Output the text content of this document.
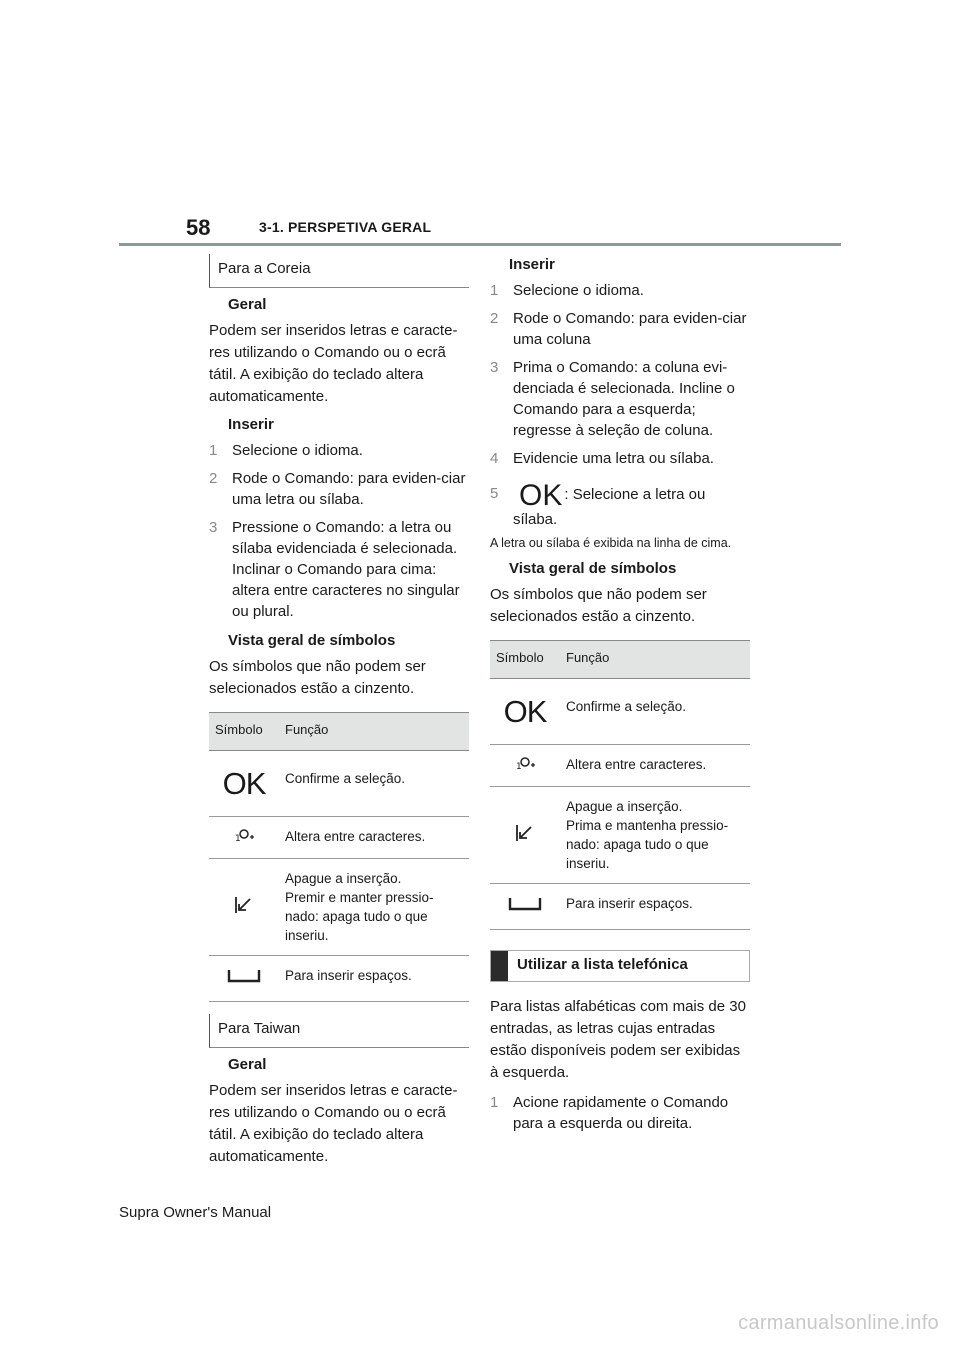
58	3-1. PERSPETIVA GERAL
Para a Coreia
Geral

Podem ser inseridos letras e caracte-res utilizando o Comando ou o ecrã tátil. A exibição do teclado altera automaticamente.

Inserir
1 Selecione o idioma.
2 Rode o Comando: para eviden-ciar uma letra ou sílaba.
3 Pressione o Comando: a letra ou sílaba evidenciada é selecionada. Inclinar o Comando para cima: altera entre caracteres no singular ou plural.
Vista geral de símbolos

Os símbolos que não podem ser selecionados estão a cinzento.

Símbolo	Função
OK	Confirme a seleção.

1	Altera entre caracteres.

Apague a inserção.
Premir e manter pressio-nado: apaga tudo o que inseriu.

	Para inserir espaços.
Para Taiwan
Geral

Podem ser inseridos letras e caracte-res utilizando o Comando ou o ecrã tátil. A exibição do teclado altera automaticamente.

Inserir
1 Selecione o idioma.
2 Rode o Comando: para eviden-ciar uma coluna
3 Prima o Comando: a coluna evi-denciada é selecionada. Incline o Comando para a esquerda; regresse à seleção de coluna.
4 Evidencie uma letra ou sílaba.
5 OK : Selecione a letra ou sílaba.
A letra ou sílaba é exibida na linha de cima.
Vista geral de símbolos

Os símbolos que não podem ser selecionados estão a cinzento.

Símbolo	Função
OK	Confirme a seleção.

1	Altera entre caracteres.

Apague a inserção.
Prima e mantenha pressio-nado: apaga tudo o que inseriu.

	Para inserir espaços.
Utilizar a lista telefónica

Para listas alfabéticas com mais de 30 entradas, as letras cujas entradas estão disponíveis podem ser exibidas à esquerda.

1 Acione rapidamente o Comando para a esquerda ou direita.
Supra Owner's Manual
carmanualsonline.info
